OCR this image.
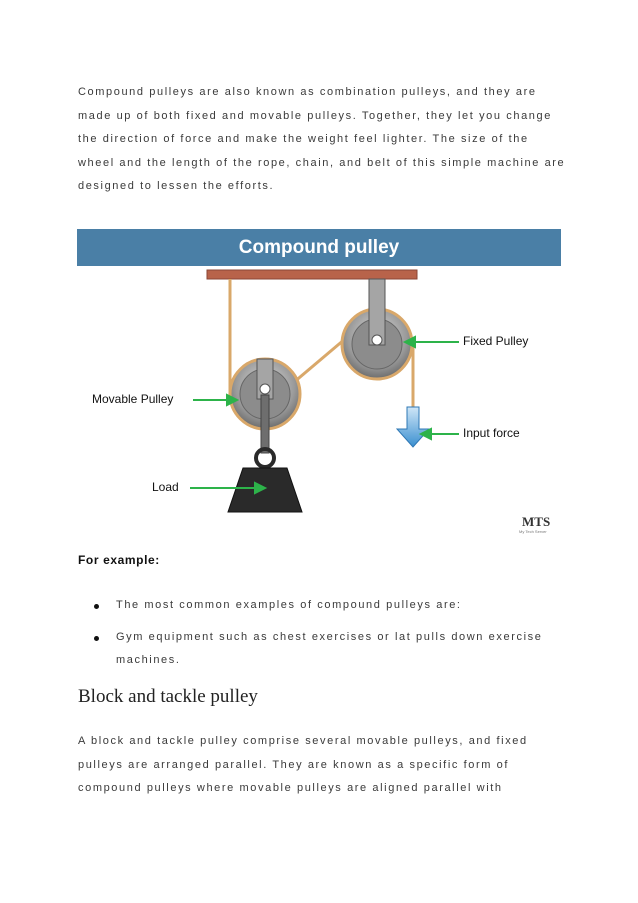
Compound pulleys are also known as combination pulleys, and they are made up of both fixed and movable pulleys. Together, they let you change the direction of force and make the weight feel lighter. The size of the wheel and the length of the rope, chain, and belt of this simple machine are designed to lessen the efforts.

Compound pulley
Fixed Pulley
Movable Pulley
Input force
Load
MTS
My Tech Server
For example:
The most common examples of compound pulleys are:
Gym equipment such as chest exercises or lat pulls down exercise machines.
Block and tackle pulley

A block and tackle pulley comprise several movable pulleys, and fixed pulleys are arranged parallel. They are known as a specific form of compound pulleys where movable pulleys are aligned parallel with
